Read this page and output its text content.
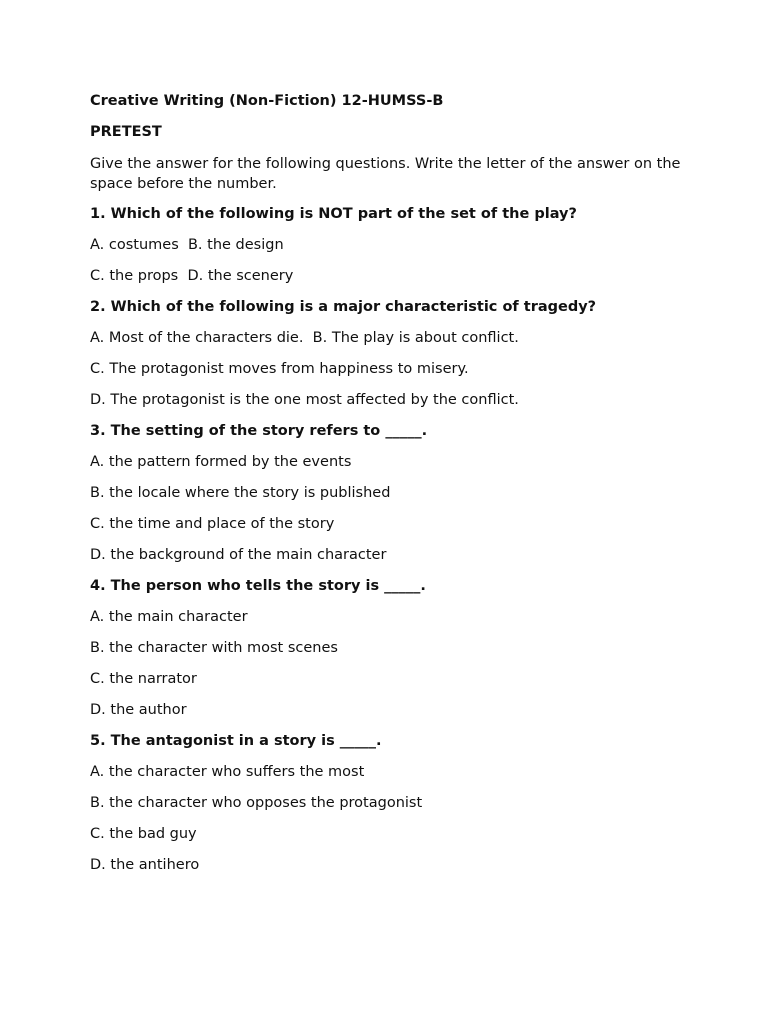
Creative Writing (Non-Fiction) 12-HUMSS-B

PRETEST

Give the answer for the following questions. Write the letter of the answer on the space before the number.

1. Which of the following is NOT part of the set of the play?

A. costumes  B. the design

C. the props  D. the scenery

2. Which of the following is a major characteristic of tragedy?

A. Most of the characters die.  B. The play is about conflict.

C. The protagonist moves from happiness to misery.

D. The protagonist is the one most affected by the conflict.

3. The setting of the story refers to _____.

A. the pattern formed by the events

B. the locale where the story is published

C. the time and place of the story

D. the background of the main character

4. The person who tells the story is _____.

A. the main character

B. the character with most scenes

C. the narrator

D. the author

5. The antagonist in a story is _____.

A. the character who suffers the most

B. the character who opposes the protagonist

C. the bad guy

D. the antihero
